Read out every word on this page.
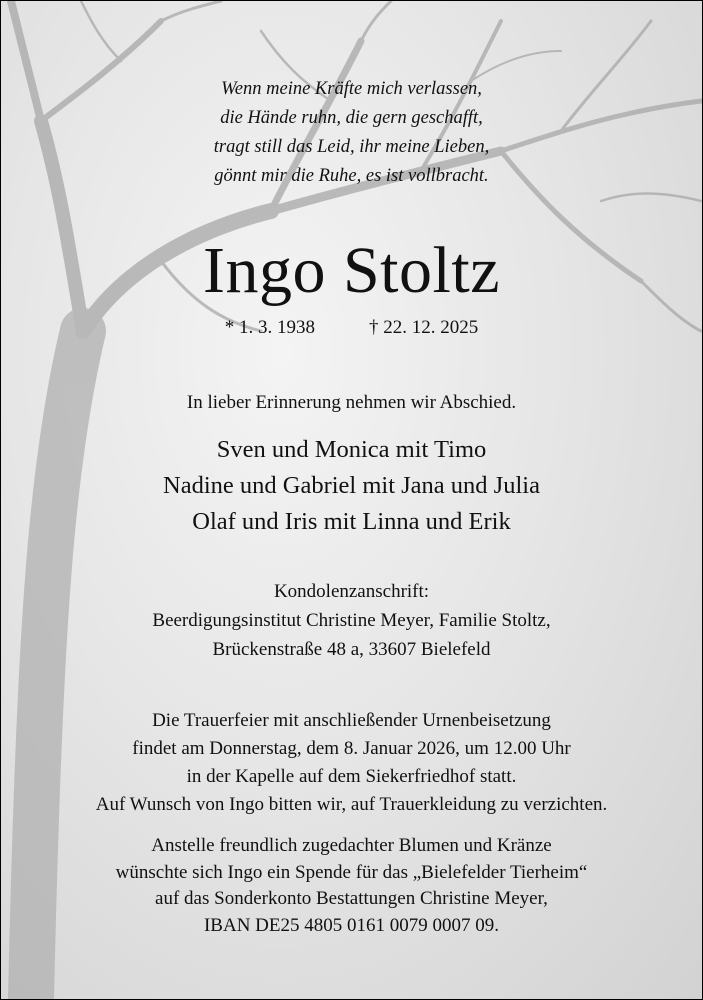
Wenn meine Kräfte mich verlassen,
die Hände ruhn, die gern geschafft,
tragt still das Leid, ihr meine Lieben,
gönnt mir die Ruhe, es ist vollbracht.
Ingo Stoltz
* 1. 3. 1938	† 22. 12. 2025
In lieber Erinnerung nehmen wir Abschied.
Sven und Monica mit Timo
Nadine und Gabriel mit Jana und Julia
Olaf und Iris mit Linna und Erik
Kondolenzanschrift:
Beerdigungsinstitut Christine Meyer, Familie Stoltz,
Brückenstraße 48 a, 33607 Bielefeld
Die Trauerfeier mit anschließender Urnenbeisetzung
findet am Donnerstag, dem 8. Januar 2026, um 12.00 Uhr
in der Kapelle auf dem Siekerfriedhof statt.
Auf Wunsch von Ingo bitten wir, auf Trauerkleidung zu verzichten.
Anstelle freundlich zugedachter Blumen und Kränze
wünschte sich Ingo ein Spende für das „Bielefelder Tierheim“
auf das Sonderkonto Bestattungen Christine Meyer,
IBAN DE25 4805 0161 0079 0007 09.
